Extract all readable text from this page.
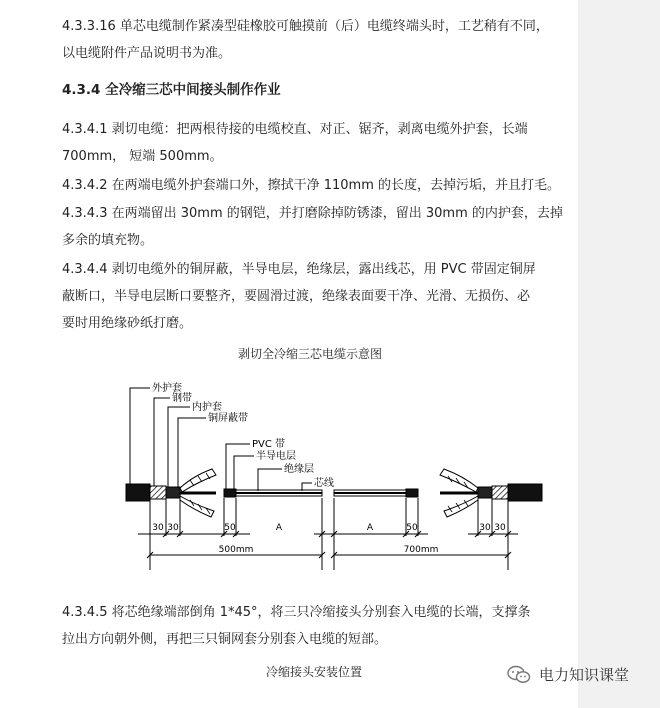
4.3.3.16 单芯电缆制作紧凑型硅橡胶可触摸前（后）电缆终端头时，工艺稍有不同，
以电缆附件产品说明书为准。
4.3.4 全冷缩三芯中间接头制作作业
4.3.4.1 剥切电缆：把两根待接的电缆校直、对正、锯齐，剥离电缆外护套，长端
700mm， 短端 500mm。
4.3.4.2 在两端电缆外护套端口外，擦拭干净 110mm 的长度，去掉污垢，并且打毛。
4.3.4.3 在两端留出 30mm 的钢铠，并打磨除掉防锈漆，留出 30mm 的内护套，去掉
多余的填充物。
4.3.4.4 剥切电缆外的铜屏蔽，半导电层，绝缘层，露出线芯，用 PVC 带固定铜屏
蔽断口，半导电层断口要整齐，要圆滑过渡，绝缘表面要干净、光滑、无损伤、必
要时用绝缘砂纸打磨。
剥切全冷缩三芯电缆示意图
外护套
钢带
内护套
铜屏蔽带
PVC 带
半导电层
绝缘层
芯线
30 30	50	A	A	50	30 30
500mm	700mm
4.3.4.5 将芯绝缘端部倒角 1*45°，将三只冷缩接头分别套入电缆的长端，支撑条
拉出方向朝外侧，再把三只铜网套分别套入电缆的短部。
冷缩接头安装位置	电力知识课堂
